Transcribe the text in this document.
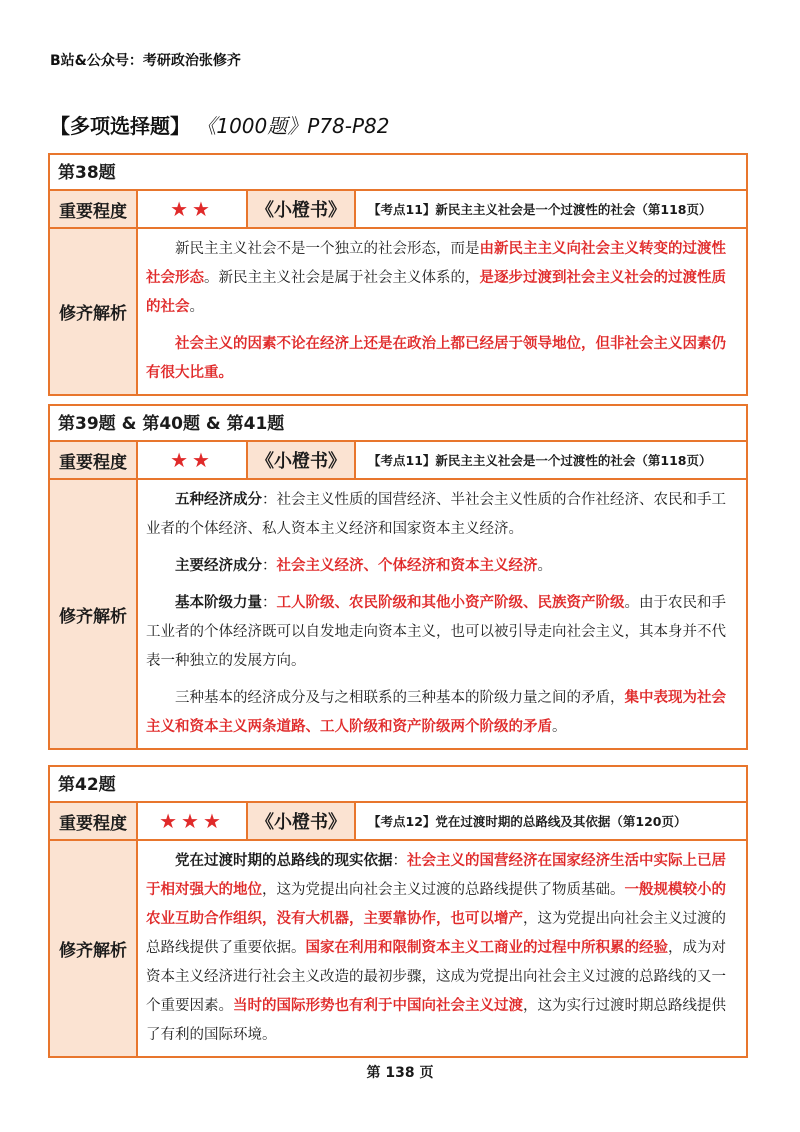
B站&公众号：考研政治张修齐
【多项选择题】 《1000题》P78-P82
第38题
重要程度	★★	《小橙书》	【考点11】新民主主义社会是一个过渡性的社会（第118页）
修齐解析

新民主主义社会不是一个独立的社会形态，而是由新民主主义向社会主义转变的过渡性社会形态。新民主主义社会是属于社会主义体系的，是逐步过渡到社会主义社会的过渡性质的社会。

社会主义的因素不论在经济上还是在政治上都已经居于领导地位，但非社会主义因素仍有很大比重。

第39题 & 第40题 & 第41题
重要程度	★★	《小橙书》	【考点11】新民主主义社会是一个过渡性的社会（第118页）
修齐解析

五种经济成分：社会主义性质的国营经济、半社会主义性质的合作社经济、农民和手工业者的个体经济、私人资本主义经济和国家资本主义经济。

主要经济成分：社会主义经济、个体经济和资本主义经济。

基本阶级力量：工人阶级、农民阶级和其他小资产阶级、民族资产阶级。由于农民和手工业者的个体经济既可以自发地走向资本主义，也可以被引导走向社会主义，其本身并不代表一种独立的发展方向。

三种基本的经济成分及与之相联系的三种基本的阶级力量之间的矛盾，集中表现为社会主义和资本主义两条道路、工人阶级和资产阶级两个阶级的矛盾。

第42题
重要程度	★★★	《小橙书》	【考点12】党在过渡时期的总路线及其依据（第120页）
修齐解析

党在过渡时期的总路线的现实依据：社会主义的国营经济在国家经济生活中实际上已居于相对强大的地位，这为党提出向社会主义过渡的总路线提供了物质基础。一般规模较小的农业互助合作组织，没有大机器，主要靠协作，也可以增产，这为党提出向社会主义过渡的总路线提供了重要依据。国家在利用和限制资本主义工商业的过程中所积累的经验，成为对资本主义经济进行社会主义改造的最初步骤，这成为党提出向社会主义过渡的总路线的又一个重要因素。当时的国际形势也有利于中国向社会主义过渡，这为实行过渡时期总路线提供了有利的国际环境。

第 138 页
